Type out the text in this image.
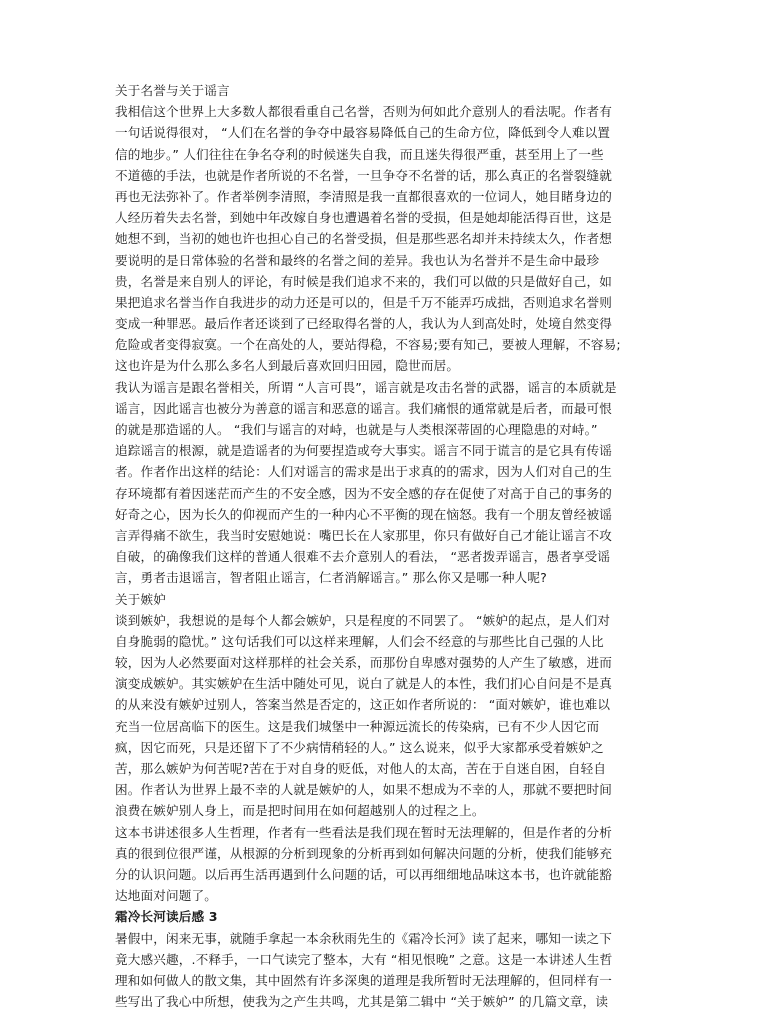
关于名誉与关于谣言
我相信这个世界上大多数人都很看重自己名誉，否则为何如此介意别人的看法呢。作者有
一句话说得很对， “人们在名誉的争夺中最容易降低自己的生命方位，降低到令人难以置
信的地步。” 人们往往在争名夺利的时候迷失自我，而且迷失得很严重，甚至用上了一些
不道德的手法，也就是作者所说的不名誉，一旦争夺不名誉的话，那么真正的名誉裂缝就
再也无法弥补了。作者举例李清照，李清照是我一直都很喜欢的一位词人，她目睹身边的
人经历着失去名誉，到她中年改嫁自身也遭遇着名誉的受损，但是她却能活得百世，这是
她想不到，当初的她也许也担心自己的名誉受损，但是那些恶名却并未持续太久，作者想
要说明的是日常体验的名誉和最终的名誉之间的差异。我也认为名誉并不是生命中最珍
贵，名誉是来自别人的评论，有时候是我们追求不来的，我们可以做的只是做好自己，如
果把追求名誉当作自我进步的动力还是可以的，但是千万不能弄巧成拙，否则追求名誉则
变成一种罪恶。最后作者还谈到了已经取得名誉的人，我认为人到高处时，处境自然变得
危险或者变得寂寞。一个在高处的人，要站得稳，不容易;要有知己，要被人理解，不容易;
这也许是为什么那么多名人到最后喜欢回归田园，隐世而居。
我认为谣言是跟名誉相关，所谓 “人言可畏”，谣言就是攻击名誉的武器，谣言的本质就是
谣言，因此谣言也被分为善意的谣言和恶意的谣言。我们痛恨的通常就是后者，而最可恨
的就是那造谣的人。 “我们与谣言的对峙，也就是与人类根深蒂固的心理隐患的对峙。”
追踪谣言的根源，就是造谣者的为何要捏造或夸大事实。谣言不同于谎言的是它具有传谣
者。作者作出这样的结论：人们对谣言的需求是出于求真的的需求，因为人们对自己的生
存环境都有着因迷茫而产生的不安全感，因为不安全感的存在促使了对高于自己的事务的
好奇之心，因为长久的仰视而产生的一种内心不平衡的现在恼怒。我有一个朋友曾经被谣
言弄得痛不欲生，我当时安慰她说：嘴巴长在人家那里，你只有做好自己才能让谣言不攻
自破，的确像我们这样的普通人很难不去介意别人的看法， “恶者拨弄谣言，愚者享受谣
言，勇者击退谣言，智者阻止谣言，仁者消解谣言。” 那么你又是哪一种人呢?
关于嫉妒
谈到嫉妒，我想说的是每个人都会嫉妒，只是程度的不同罢了。 “嫉妒的起点，是人们对
自身脆弱的隐忧。” 这句话我们可以这样来理解，人们会不经意的与那些比自己强的人比
较，因为人必然要面对这样那样的社会关系，而那份自卑感对强势的人产生了敏感，进而
演变成嫉妒。其实嫉妒在生活中随处可见，说白了就是人的本性，我们扪心自问是不是真
的从来没有嫉妒过别人，答案当然是否定的，这正如作者所说的： “面对嫉妒，谁也难以
充当一位居高临下的医生。这是我们城堡中一种源远流长的传染病，已有不少人因它而
疯，因它而死，只是还留下了不少病情稍轻的人。” 这么说来，似乎大家都承受着嫉妒之
苦，那么嫉妒为何苦呢?苦在于对自身的贬低，对他人的太高，苦在于自迷自困，自轻自
困。作者认为世界上最不幸的人就是嫉妒的人，如果不想成为不幸的人，那就不要把时间
浪费在嫉妒别人身上，而是把时间用在如何超越别人的过程之上。
这本书讲述很多人生哲理，作者有一些看法是我们现在暂时无法理解的，但是作者的分析
真的很到位很严谨，从根源的分析到现象的分析再到如何解决问题的分析，使我们能够充
分的认识问题。以后再生活再遇到什么问题的话，可以再细细地品味这本书，也许就能豁
达地面对问题了。
霜冷长河读后感 3
暑假中，闲来无事，就随手拿起一本余秋雨先生的《霜冷长河》读了起来，哪知一读之下
竟大感兴趣，.不释手，一口气读完了整本，大有 “相见恨晚” 之意。这是一本讲述人生哲
理和如何做人的散文集，其中固然有许多深奥的道理是我所暂时无法理解的，但同样有一
些写出了我心中所想，使我为之产生共鸣，尤其是第二辑中 “关于嫉妒” 的几篇文章，读
